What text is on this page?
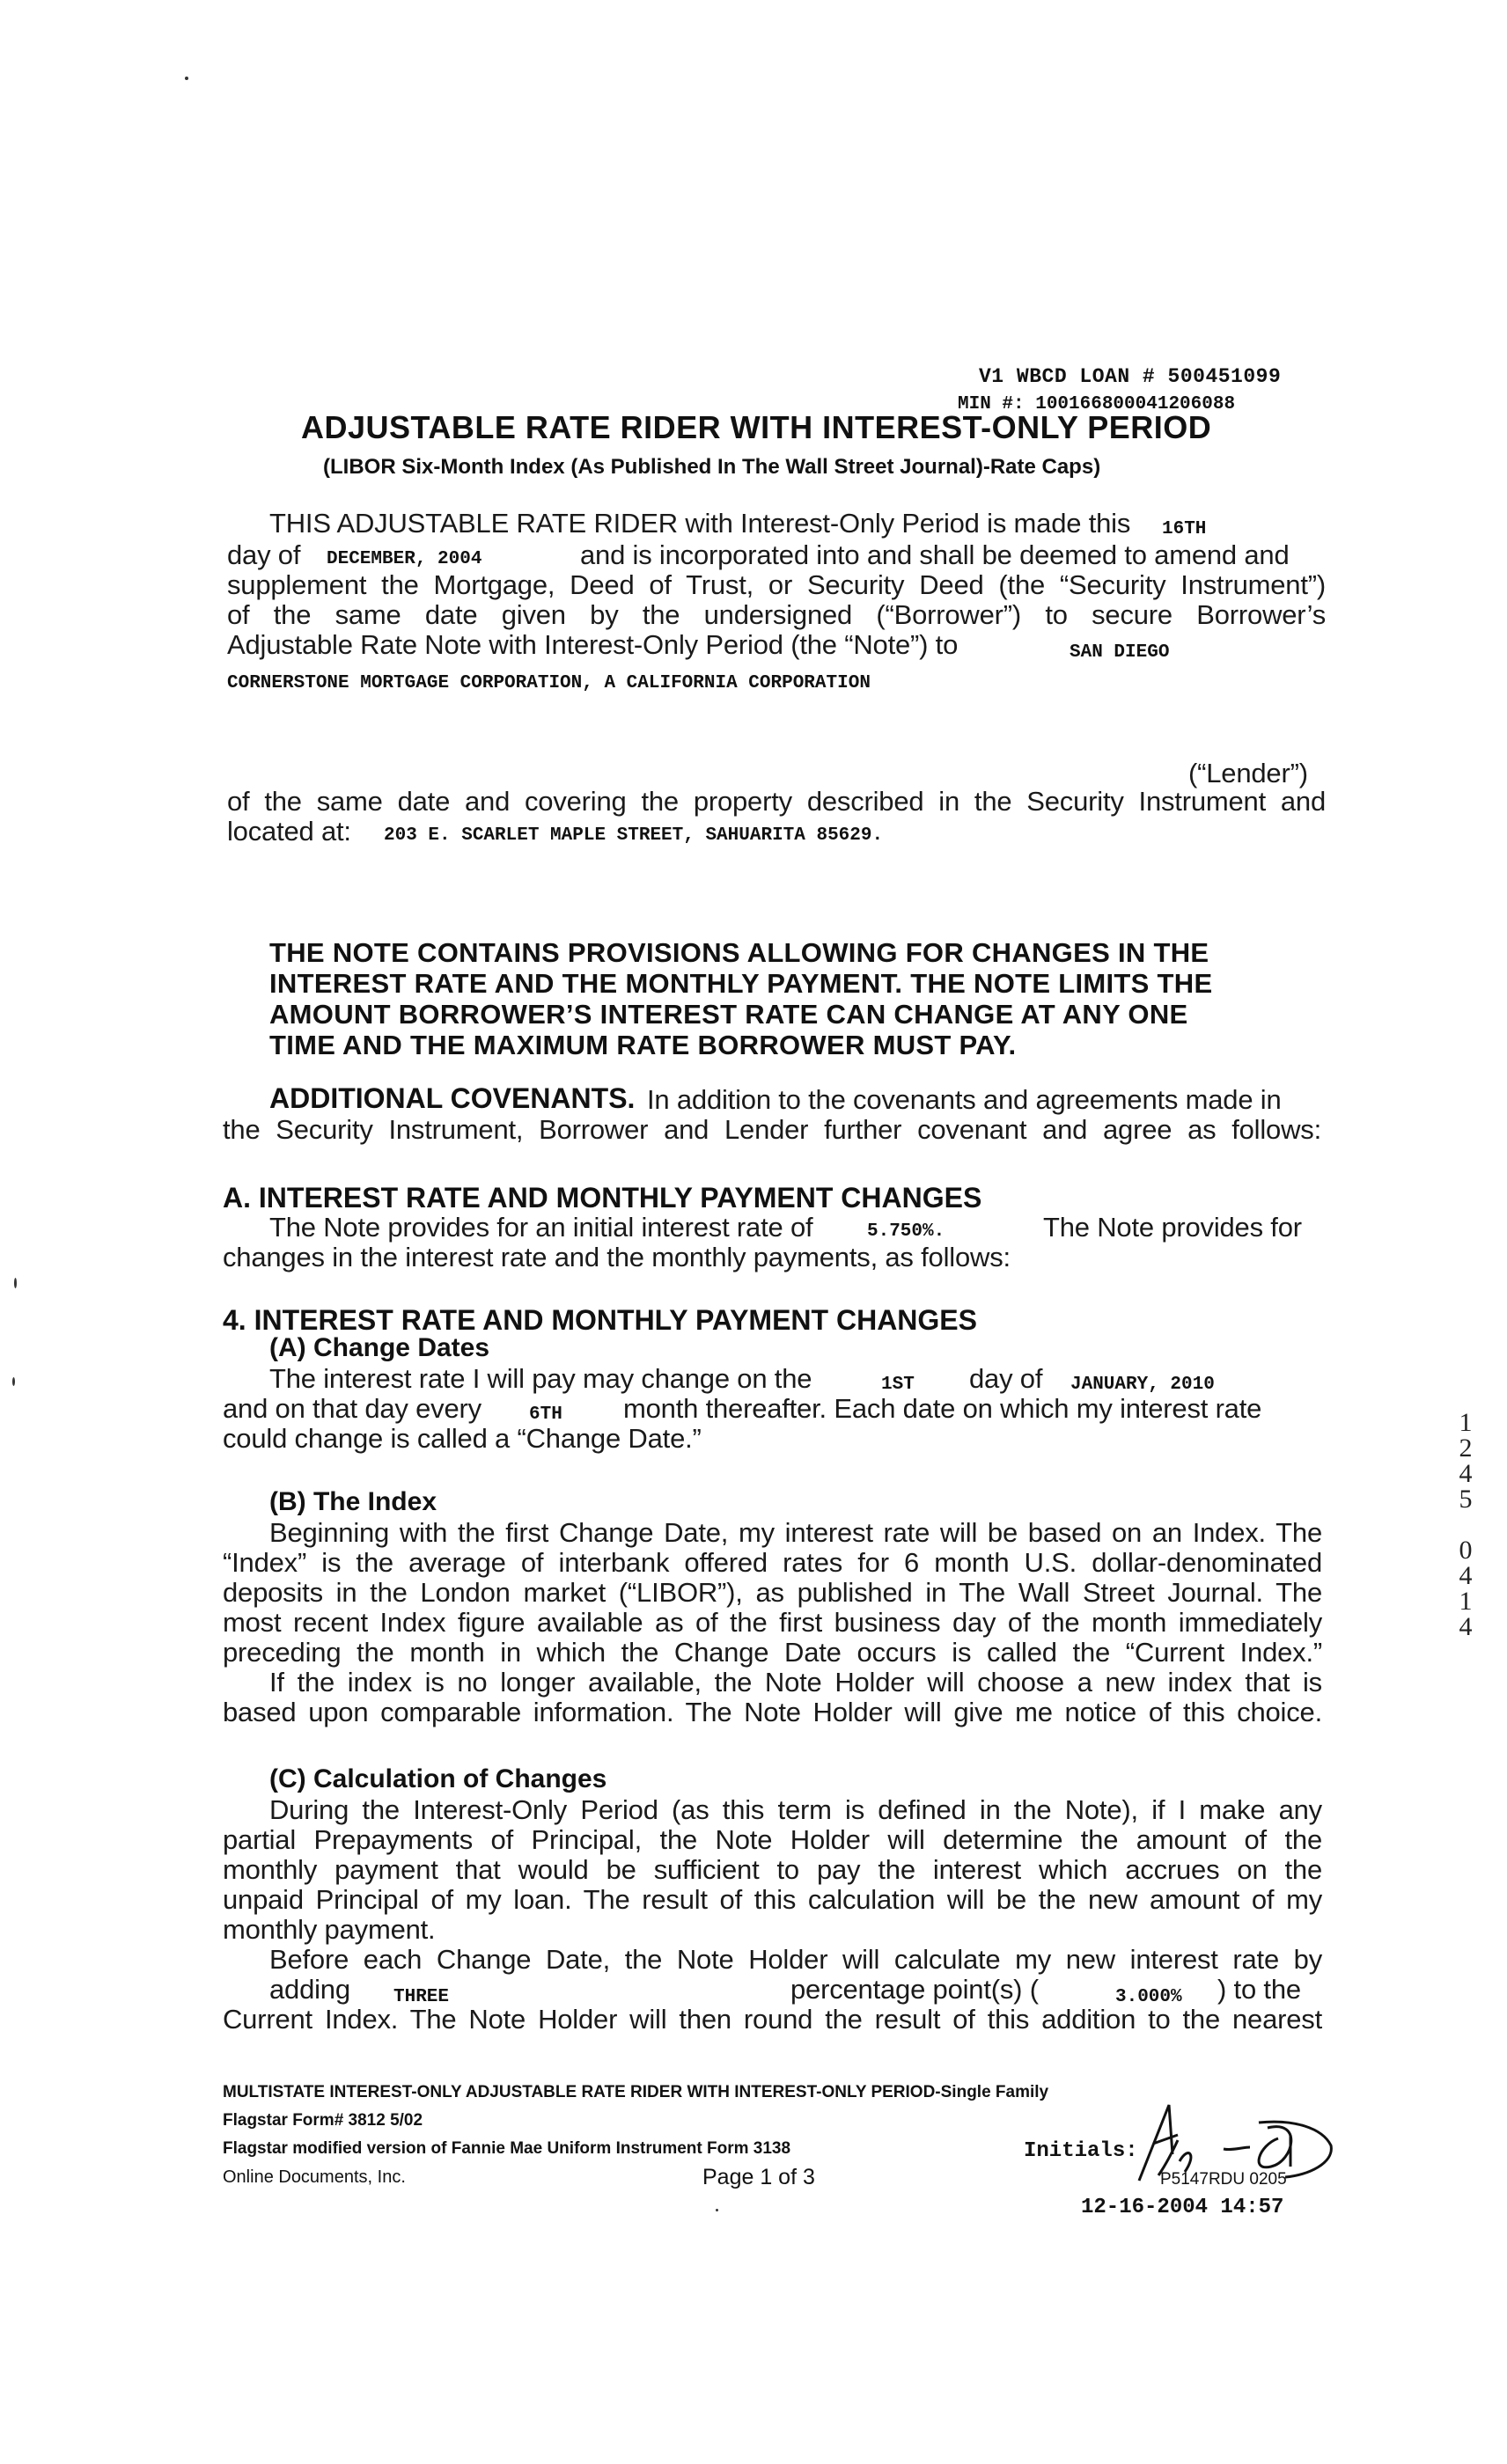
V1 WBCD LOAN # 500451099
MIN #: 100166800041206088
ADJUSTABLE RATE RIDER WITH INTEREST-ONLY PERIOD
(LIBOR Six-Month Index (As Published In The Wall Street Journal)-Rate Caps)
THIS ADJUSTABLE RATE RIDER with Interest-Only Period is made this 16TH
day of DECEMBER, 2004	and is incorporated into and shall be deemed to amend and
supplement the Mortgage, Deed of Trust, or Security Deed (the “Security Instrument”)
of the same date given by the undersigned (“Borrower”) to secure Borrower’s
Adjustable Rate Note with Interest-Only Period (the “Note”) to	SAN DIEGO
CORNERSTONE MORTGAGE CORPORATION, A CALIFORNIA CORPORATION
(“Lender”)
of the same date and covering the property described in the Security Instrument and
located at: 203 E. SCARLET MAPLE STREET, SAHUARITA 85629.
THE NOTE CONTAINS PROVISIONS ALLOWING FOR CHANGES IN THE
INTEREST RATE AND THE MONTHLY PAYMENT. THE NOTE LIMITS THE
AMOUNT BORROWER’S INTEREST RATE CAN CHANGE AT ANY ONE
TIME AND THE MAXIMUM RATE BORROWER MUST PAY.
ADDITIONAL COVENANTS. In addition to the covenants and agreements made in
the Security Instrument, Borrower and Lender further covenant and agree as follows:
A. INTEREST RATE AND MONTHLY PAYMENT CHANGES
The Note provides for an initial interest rate of	5.750%.	The Note provides for
changes in the interest rate and the monthly payments, as follows:
4. INTEREST RATE AND MONTHLY PAYMENT CHANGES
(A) Change Dates
The interest rate I will pay may change on the	1ST day of JANUARY, 2010
and on that day every	6TH month thereafter. Each date on which my interest rate
could change is called a “Change Date.”
(B) The Index
Beginning with the first Change Date, my interest rate will be based on an Index. The
“Index” is the average of interbank offered rates for 6 month U.S. dollar-denominated
deposits in the London market (“LIBOR”), as published in The Wall Street Journal. The
most recent Index figure available as of the first business day of the month immediately
preceding the month in which the Change Date occurs is called the “Current Index.”
If the index is no longer available, the Note Holder will choose a new index that is
based upon comparable information. The Note Holder will give me notice of this choice.
(C) Calculation of Changes
During the Interest-Only Period (as this term is defined in the Note), if I make any
partial Prepayments of Principal, the Note Holder will determine the amount of the
monthly payment that would be sufficient to pay the interest which accrues on the
unpaid Principal of my loan. The result of this calculation will be the new amount of my
monthly payment.
Before each Change Date, the Note Holder will calculate my new interest rate by
adding THREE	percentage point(s) (	3.000% ) to the
Current Index. The Note Holder will then round the result of this addition to the nearest
MULTISTATE INTEREST-ONLY ADJUSTABLE RATE RIDER WITH INTEREST-ONLY PERIOD-Single Family
Flagstar Form# 3812 5/02
Flagstar modified version of Fannie Mae Uniform Instrument Form 3138
Online Documents, Inc.	Page 1 of 3
Initials:
P5147RDU 0205
12-16-2004 14:57
1
2
4
5

0
4
1
4
